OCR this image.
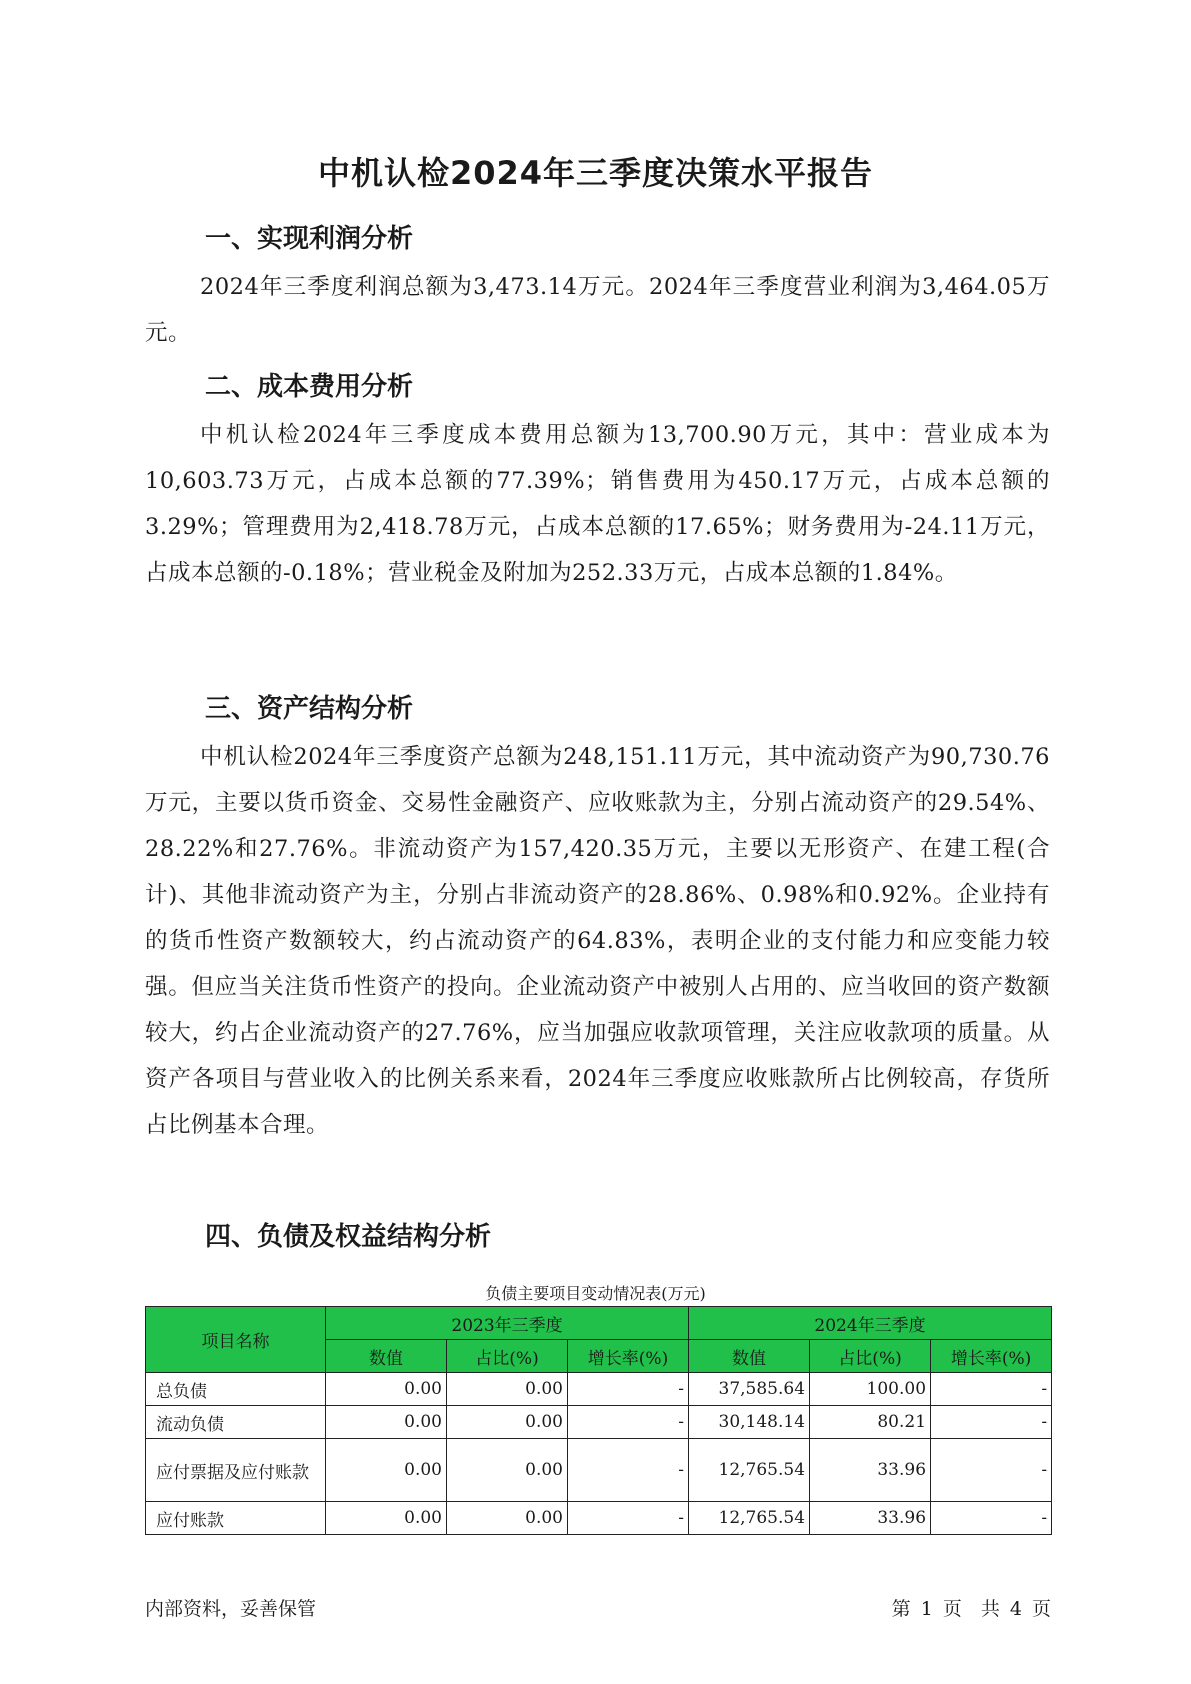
中机认检2024年三季度决策水平报告
一、实现利润分析
2024年三季度利润总额为3,473.14万元。2024年三季度营业利润为3,464.05万元。
二、成本费用分析
中机认检2024年三季度成本费用总额为13,700.90万元，其中：营业成本为10,603.73万元，占成本总额的77.39%；销售费用为450.17万元，占成本总额的3.29%；管理费用为2,418.78万元，占成本总额的17.65%；财务费用为-24.11万元，占成本总额的-0.18%；营业税金及附加为252.33万元，占成本总额的1.84%。
三、资产结构分析
中机认检2024年三季度资产总额为248,151.11万元，其中流动资产为90,730.76万元，主要以货币资金、交易性金融资产、应收账款为主，分别占流动资产的29.54%、28.22%和27.76%。非流动资产为157,420.35万元，主要以无形资产、在建工程(合计)、其他非流动资产为主，分别占非流动资产的28.86%、0.98%和0.92%。企业持有的货币性资产数额较大，约占流动资产的64.83%，表明企业的支付能力和应变能力较强。但应当关注货币性资产的投向。企业流动资产中被别人占用的、应当收回的资产数额较大，约占企业流动资产的27.76%，应当加强应收款项管理，关注应收款项的质量。从资产各项目与营业收入的比例关系来看，2024年三季度应收账款所占比例较高，存货所占比例基本合理。
四、负债及权益结构分析
负债主要项目变动情况表(万元)
项目名称	2023年三季度			2024年三季度		
	数值	占比(%)	增长率(%)	数值	占比(%)	增长率(%)
总负债	0.00	0.00	-	37,585.64	100.00	-
流动负债	0.00	0.00	-	30,148.14	80.21	-
应付票据及应付账款	0.00	0.00	-	12,765.54	33.96	-
应付账款	0.00	0.00	-	12,765.54	33.96	-
内部资料，妥善保管	第 1 页　共 4 页
